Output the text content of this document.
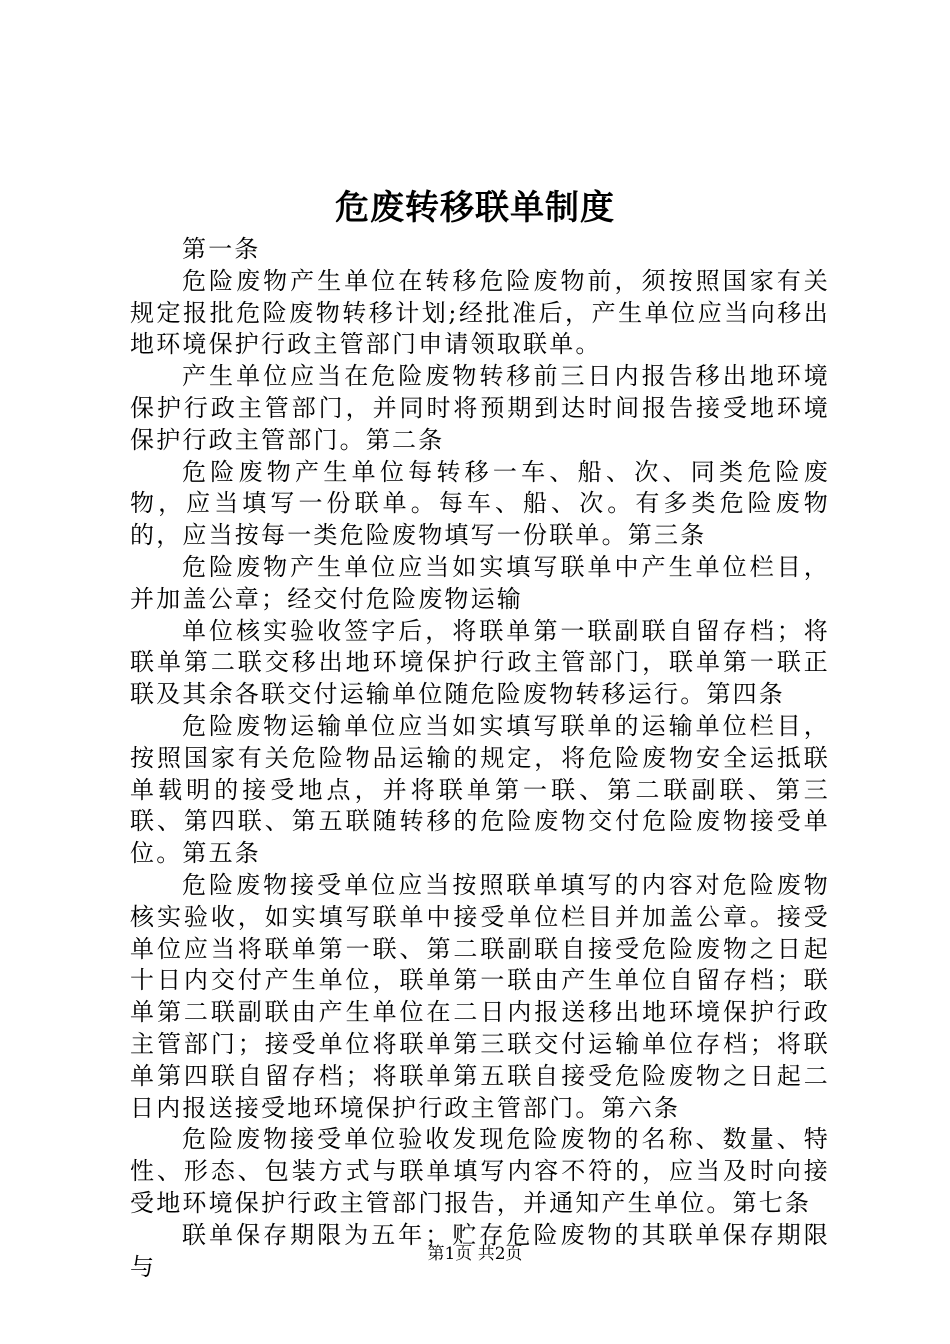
危废转移联单制度

第一条

危险废物产生单位在转移危险废物前，须按照国家有关规定报批危险废物转移计划;经批准后，产生单位应当向移出地环境保护行政主管部门申请领取联单。

产生单位应当在危险废物转移前三日内报告移出地环境保护行政主管部门，并同时将预期到达时间报告接受地环境保护行政主管部门。第二条

危险废物产生单位每转移一车、船、次、同类危险废物，应当填写一份联单。每车、船、次。有多类危险废物的，应当按每一类危险废物填写一份联单。第三条

危险废物产生单位应当如实填写联单中产生单位栏目，并加盖公章；经交付危险废物运输

单位核实验收签字后，将联单第一联副联自留存档；将联单第二联交移出地环境保护行政主管部门，联单第一联正联及其余各联交付运输单位随危险废物转移运行。第四条

危险废物运输单位应当如实填写联单的运输单位栏目，按照国家有关危险物品运输的规定，将危险废物安全运抵联单载明的接受地点，并将联单第一联、第二联副联、第三联、第四联、第五联随转移的危险废物交付危险废物接受单位。第五条

危险废物接受单位应当按照联单填写的内容对危险废物核实验收，如实填写联单中接受单位栏目并加盖公章。接受单位应当将联单第一联、第二联副联自接受危险废物之日起十日内交付产生单位，联单第一联由产生单位自留存档；联单第二联副联由产生单位在二日内报送移出地环境保护行政主管部门；接受单位将联单第三联交付运输单位存档；将联单第四联自留存档；将联单第五联自接受危险废物之日起二日内报送接受地环境保护行政主管部门。第六条

危险废物接受单位验收发现危险废物的名称、数量、特性、形态、包装方式与联单填写内容不符的，应当及时向接受地环境保护行政主管部门报告，并通知产生单位。第七条

联单保存期限为五年；贮存危险废物的其联单保存期限与	第1页 共2页
